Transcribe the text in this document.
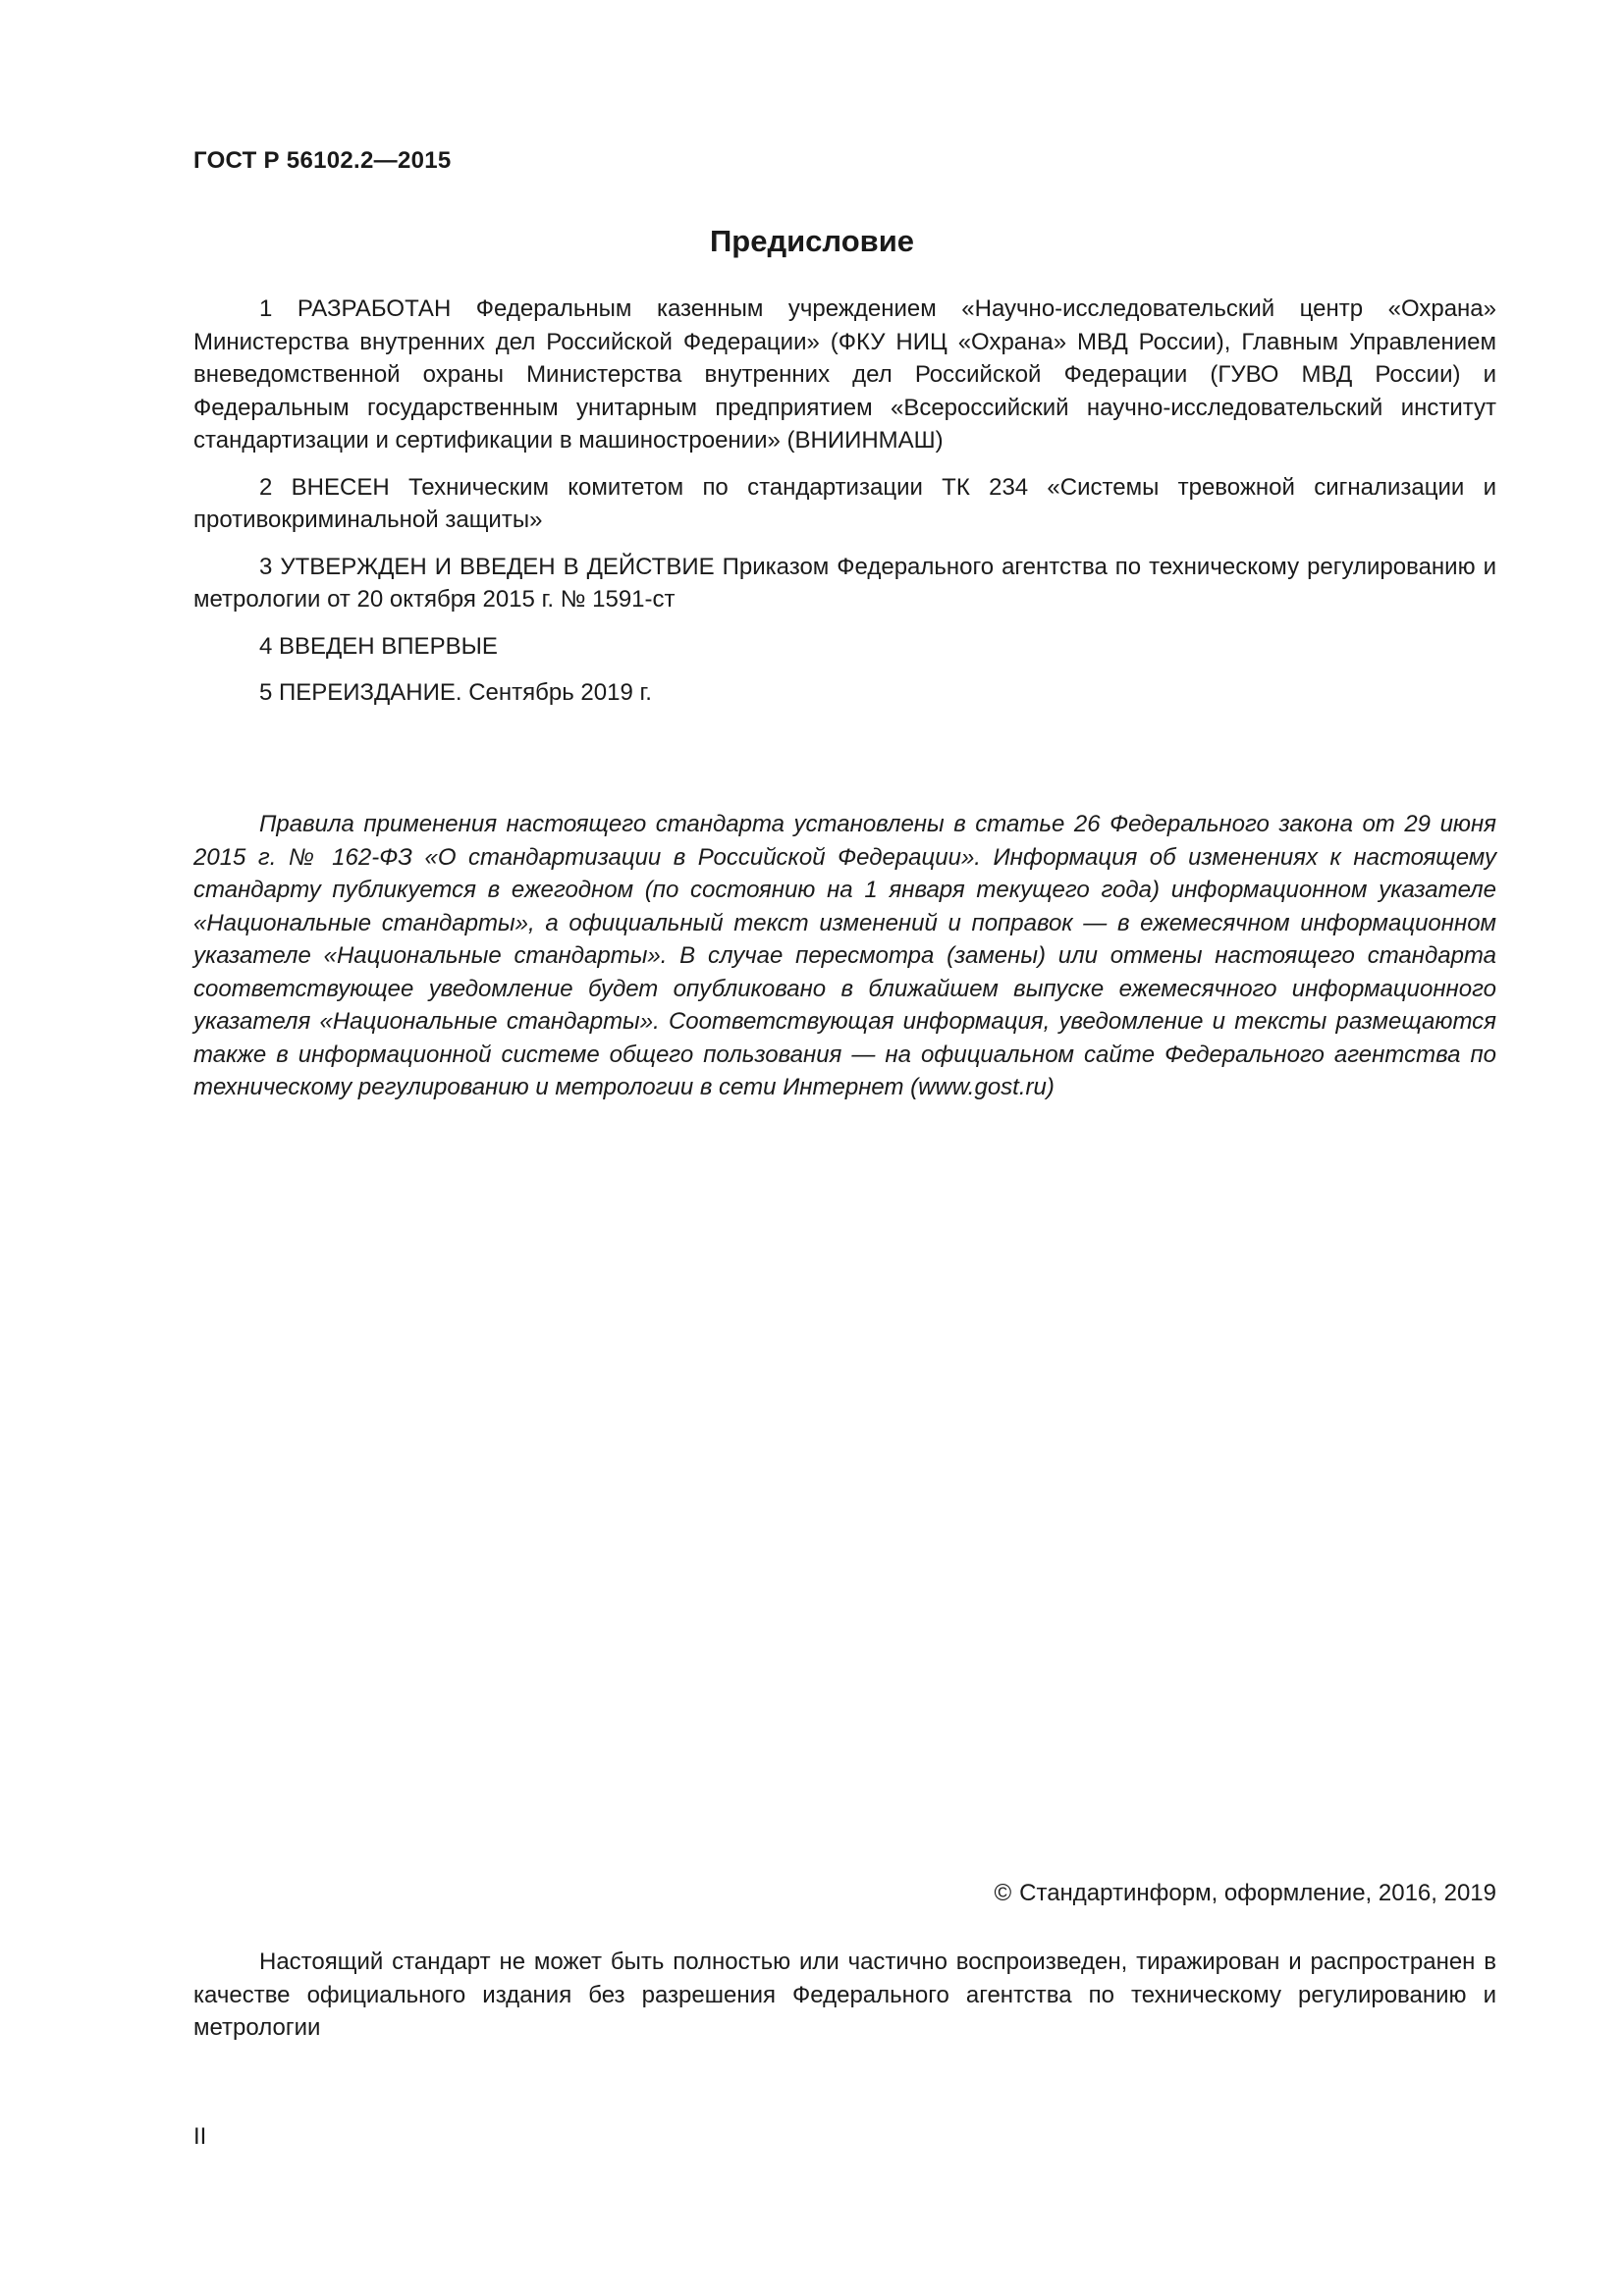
ГОСТ Р 56102.2—2015
Предисловие

1 РАЗРАБОТАН Федеральным казенным учреждением «Научно-исследовательский центр «Охрана» Министерства внутренних дел Российской Федерации» (ФКУ НИЦ «Охрана» МВД России), Главным Управлением вневедомственной охраны Министерства внутренних дел Российской Федерации (ГУВО МВД России) и Федеральным государственным унитарным предприятием «Всероссийский научно-исследовательский институт стандартизации и сертификации в машиностроении» (ВНИИНМАШ)

2 ВНЕСЕН Техническим комитетом по стандартизации ТК 234 «Системы тревожной сигнализации и противокриминальной защиты»

3 УТВЕРЖДЕН И ВВЕДЕН В ДЕЙСТВИЕ Приказом Федерального агентства по техническому регулированию и метрологии от 20 октября 2015 г. № 1591-ст

4 ВВЕДЕН ВПЕРВЫЕ

5 ПЕРЕИЗДАНИЕ. Сентябрь 2019 г.

Правила применения настоящего стандарта установлены в статье 26 Федерального закона от 29 июня 2015 г. № 162-ФЗ «О стандартизации в Российской Федерации». Информация об изменениях к настоящему стандарту публикуется в ежегодном (по состоянию на 1 января текущего года) информационном указателе «Национальные стандарты», а официальный текст изменений и поправок — в ежемесячном информационном указателе «Национальные стандарты». В случае пересмотра (замены) или отмены настоящего стандарта соответствующее уведомление будет опубликовано в ближайшем выпуске ежемесячного информационного указателя «Национальные стандарты». Соответствующая информация, уведомление и тексты размещаются также в информационной системе общего пользования — на официальном сайте Федерального агентства по техническому регулированию и метрологии в сети Интернет (www.gost.ru)

© Стандартинформ, оформление, 2016, 2019

Настоящий стандарт не может быть полностью или частично воспроизведен, тиражирован и распространен в качестве официального издания без разрешения Федерального агентства по техническому регулированию и метрологии

II
